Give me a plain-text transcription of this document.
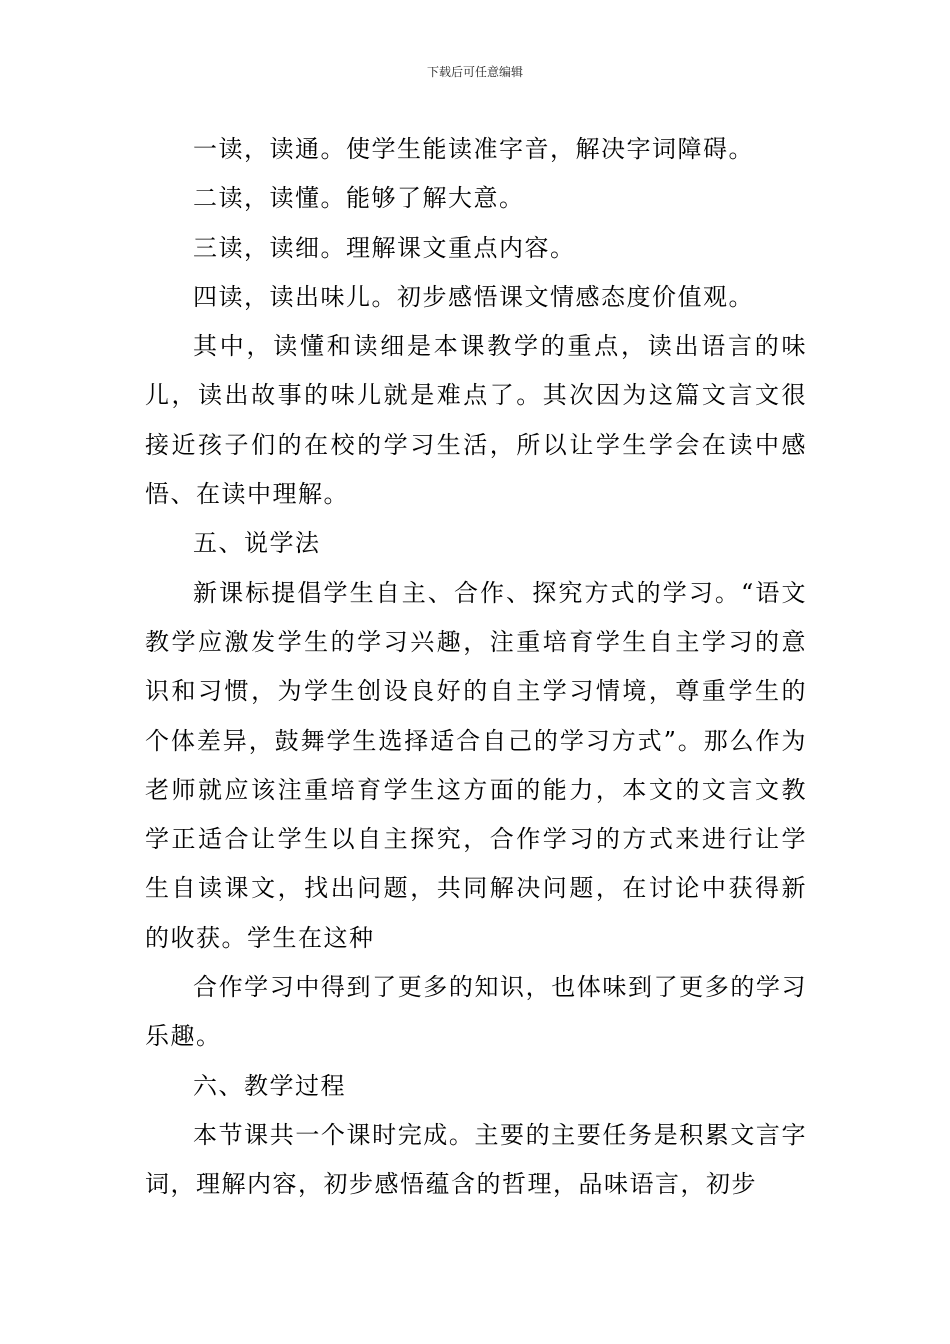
下载后可任意编辑

一读，读通。使学生能读准字音，解决字词障碍。

二读，读懂。能够了解大意。

三读，读细。理解课文重点内容。

四读，读出味儿。初步感悟课文情感态度价值观。

其中，读懂和读细是本课教学的重点，读出语言的味儿，读出故事的味儿就是难点了。其次因为这篇文言文很接近孩子们的在校的学习生活，所以让学生学会在读中感悟、在读中理解。

五、说学法

新课标提倡学生自主、合作、探究方式的学习。“语文教学应激发学生的学习兴趣，注重培育学生自主学习的意识和习惯，为学生创设良好的自主学习情境，尊重学生的个体差异，鼓舞学生选择适合自己的学习方式”。那么作为老师就应该注重培育学生这方面的能力，本文的文言文教学正适合让学生以自主探究，合作学习的方式来进行让学生自读课文，找出问题，共同解决问题，在讨论中获得新的收获。学生在这种

合作学习中得到了更多的知识，也体味到了更多的学习乐趣。

六、教学过程

本节课共一个课时完成。主要的主要任务是积累文言字词，理解内容，初步感悟蕴含的哲理，品味语言，初步
